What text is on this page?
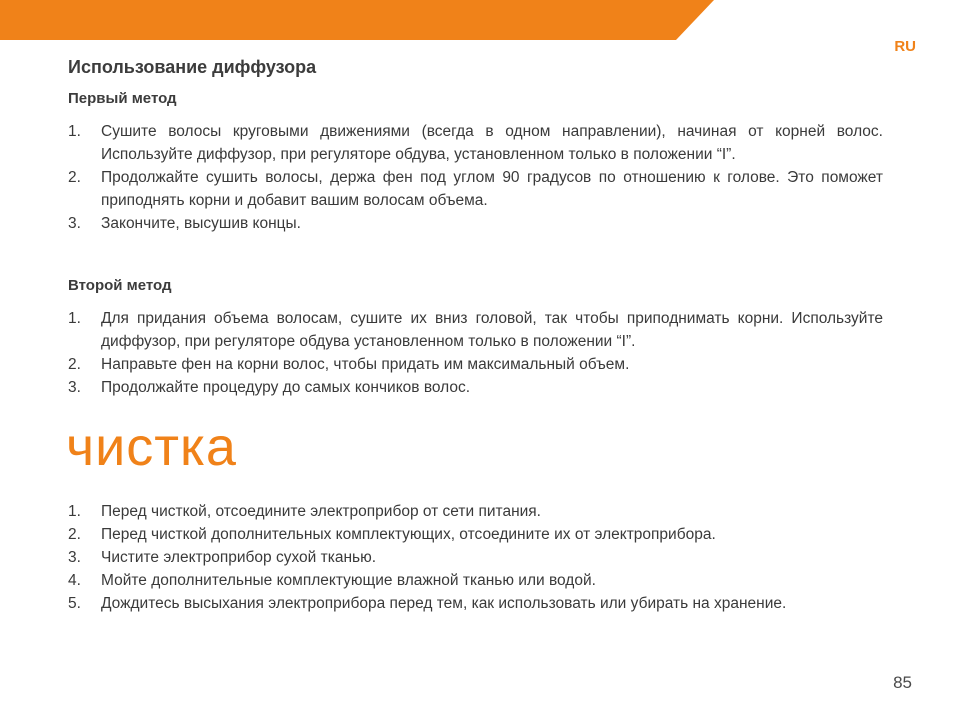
RU
Использование диффузора
Первый метод
1. Сушите волосы круговыми движениями (всегда в одном направлении), начиная от корней волос. Используйте диффузор, при регуляторе обдува, установленном только в положении “I”.
2. Продолжайте сушить волосы, держа фен под углом 90 градусов по отношению к голове. Это поможет приподнять корни и добавит вашим волосам объема.
3. Закончите, высушив концы.
Второй метод
1. Для придания объема волосам, сушите их вниз головой, так чтобы приподнимать корни. Используйте диффузор, при регуляторе обдува установленном только в положении “I”.
2. Направьте фен на корни волос, чтобы придать им максимальный объем.
3. Продолжайте процедуру до самых кончиков волос.
чистка
1. Перед чисткой, отсоедините электроприбор от сети питания.
2. Перед чисткой дополнительных комплектующих, отсоедините их от электроприбора.
3. Чистите электроприбор сухой тканью.
4. Мойте дополнительные комплектующие влажной тканью или водой.
5. Дождитесь высыхания электроприбора перед тем, как использовать или убирать на хранение.
85
